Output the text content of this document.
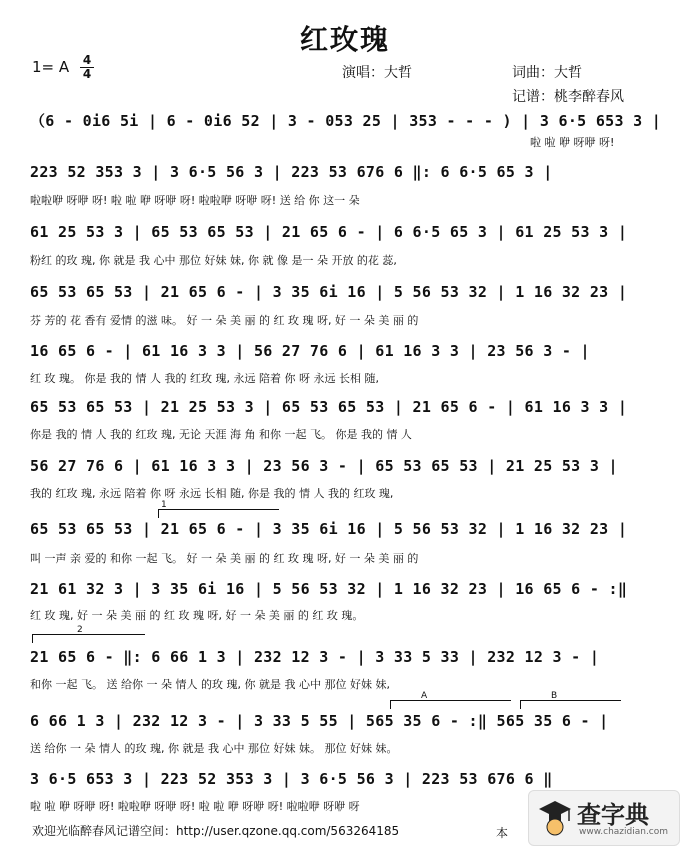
红玫瑰
1= A 4
4	演唱：大哲	词曲：大哲
记谱：桃李醉春风
（6 - 0i6 5i | 6 - 0i6 52 | 3 - 053 25 | 353 - - - ) | 3 6·5 653 3 |
啦 啦 咿 呀咿 呀!
223 52 353 3 | 3 6·5 56 3 | 223 53 676 6 ‖: 6 6·5 65 3 |
啦啦咿 呀咿 呀! 啦 啦 咿 呀咿 呀! 啦啦咿 呀咿 呀! 送 给 你 这一 朵
61 25 53 3 | 65 53 65 53 | 21 65 6 - | 6 6·5 65 3 | 61 25 53 3 |
粉红 的玫 瑰, 你 就是 我 心中 那位 好妹 妹, 你 就 像 是一 朵 开放 的花 蕊,
65 53 65 53 | 21 65 6 - | 3 35 6i 16 | 5 56 53 32 | 1 16 32 23 |
芬 芳的 花 香有 爱情 的滋 味。 好 一 朵 美 丽 的 红 玫 瑰 呀, 好 一 朵 美 丽 的
16 65 6 - | 61 16 3 3 | 56 27 76 6 | 61 16 3 3 | 23 56 3 - |
红 玫 瑰。 你是 我的 情 人 我的 红玫 瑰, 永远 陪着 你 呀 永远 长相 随,
65 53 65 53 | 21 25 53 3 | 65 53 65 53 | 21 65 6 - | 61 16 3 3 |
你是 我的 情 人 我的 红玫 瑰, 无论 天涯 海 角 和你 一起 飞。 你是 我的 情 人
56 27 76 6 | 61 16 3 3 | 23 56 3 - | 65 53 65 53 | 21 25 53 3 |
我的 红玫 瑰, 永远 陪着 你 呀 永远 长相 随, 你是 我的 情 人 我的 红玫 瑰,
1
65 53 65 53 | 21 65 6 - | 3 35 6i 16 | 5 56 53 32 | 1 16 32 23 |
叫 一声 亲 爱的 和你 一起 飞。 好 一 朵 美 丽 的 红 玫 瑰 呀, 好 一 朵 美 丽 的
21 61 32 3 | 3 35 6i 16 | 5 56 53 32 | 1 16 32 23 | 16 65 6 - :‖
红 玫 瑰, 好 一 朵 美 丽 的 红 玫 瑰 呀, 好 一 朵 美 丽 的 红 玫 瑰。
2
21 65 6 - ‖: 6 66 1 3 | 232 12 3 - | 3 33 5 33 | 232 12 3 - |
和你 一起 飞。 送 给你 一 朵 情人 的玫 瑰, 你 就是 我 心中 那位 好妹 妹,
A	B
6 66 1 3 | 232 12 3 - | 3 33 5 55 | 565 35 6 - :‖ 565 35 6 - |
送 给你 一 朵 情人 的玫 瑰, 你 就是 我 心中 那位 好妹 妹。 那位 好妹 妹。
3 6·5 653 3 | 223 52 353 3 | 3 6·5 56 3 | 223 53 676 6 ‖
啦 啦 咿 呀咿 呀! 啦啦咿 呀咿 呀! 啦 啦 咿 呀咿 呀! 啦啦咿 呀咿 呀
欢迎光临醉春风记谱空间：http://user.qzone.qq.com/563264185	本
查字典
www.chazidian.com
